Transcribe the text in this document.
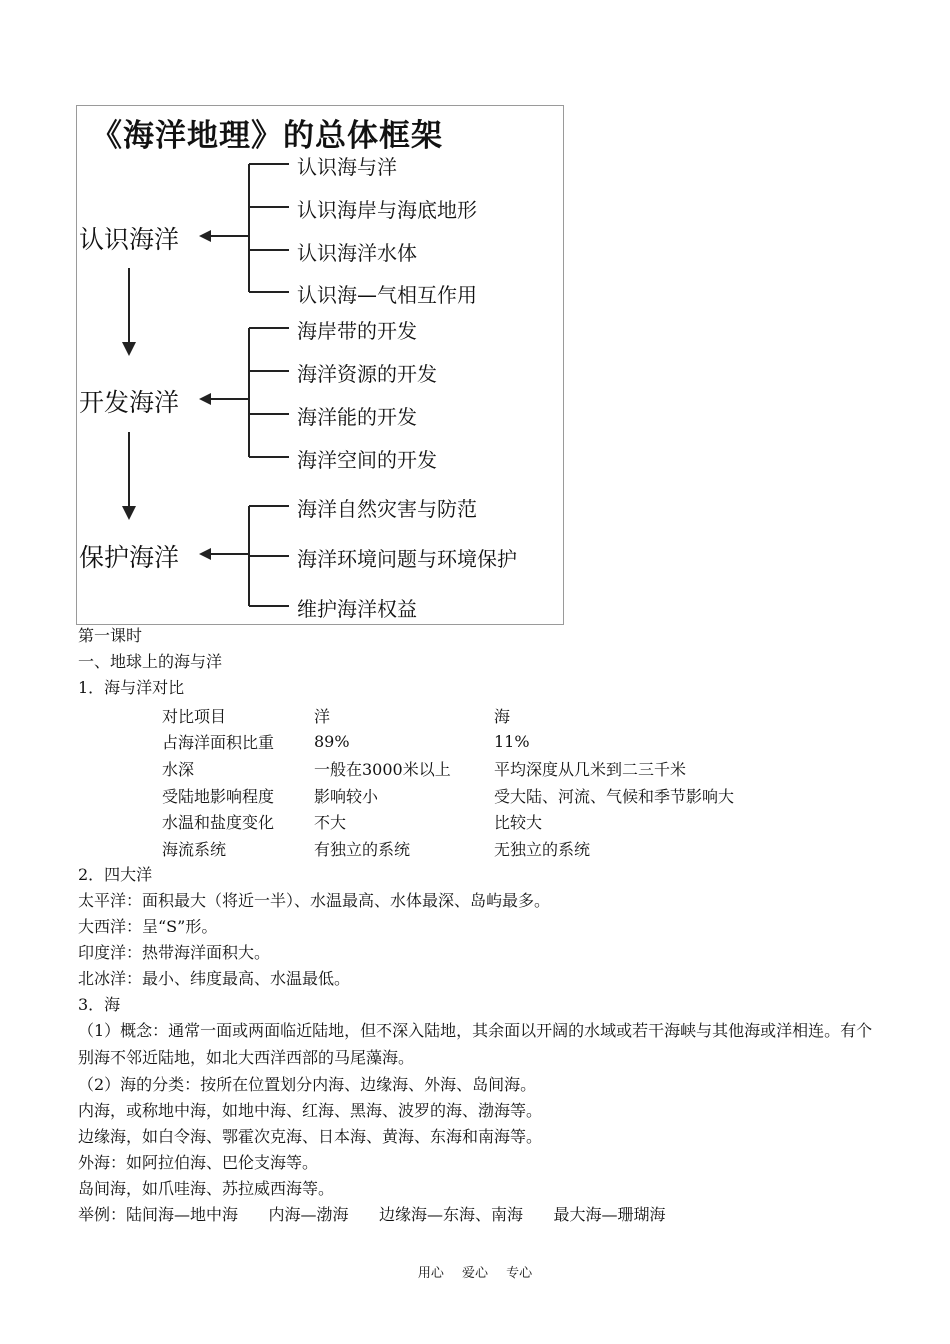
《海洋地理》的总体框架
认识海洋
认识海与洋
认识海岸与海底地形
认识海洋水体
认识海—气相互作用
开发海洋
海岸带的开发
海洋资源的开发
海洋能的开发
海洋空间的开发
保护海洋
海洋自然灾害与防范
海洋环境问题与环境保护
维护海洋权益
第一课时
一、地球上的海与洋
1．海与洋对比
对比项目	洋	海
占海洋面积比重	89%	11%
水深	一般在3000米以上	平均深度从几米到二三千米
受陆地影响程度	影响较小	受大陆、河流、气候和季节影响大
水温和盐度变化	不大	比较大
海流系统	有独立的系统	无独立的系统
2．四大洋
太平洋：面积最大（将近一半）、水温最高、水体最深、岛屿最多。
大西洋：呈“S”形。
印度洋：热带海洋面积大。
北冰洋：最小、纬度最高、水温最低。
3．海
（1）概念：通常一面或两面临近陆地，但不深入陆地，其余面以开阔的水域或若干海峡与其他海或洋相连。有个别海不邻近陆地，如北大西洋西部的马尾藻海。
（2）海的分类：按所在位置划分内海、边缘海、外海、岛间海。
内海，或称地中海，如地中海、红海、黑海、波罗的海、渤海等。
边缘海，如白令海、鄂霍次克海、日本海、黄海、东海和南海等。
外海：如阿拉伯海、巴伦支海等。
岛间海，如爪哇海、苏拉威西海等。
举例：陆间海—地中海      内海—渤海      边缘海—东海、南海      最大海—珊瑚海
用心 爱心 专心
